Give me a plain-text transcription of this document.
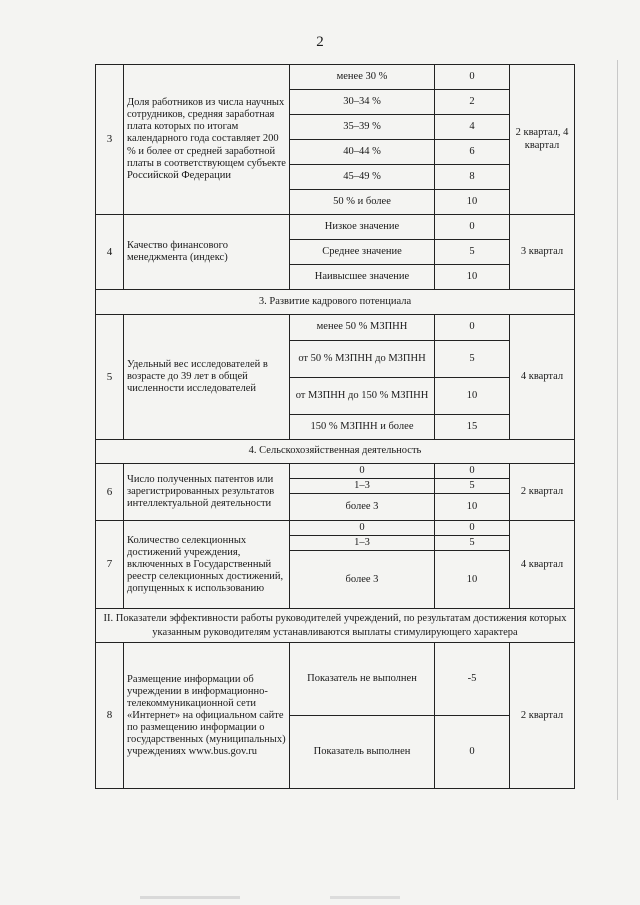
2
3	Доля работников из числа научных сотрудников, средняя заработная плата которых по итогам календарного года составляет 200 % и более от средней заработной платы в соответствующем субъекте Российской Федерации	менее 30 %	0	2 квартал, 4 квартал
		30–34 %	2	
		35–39 %	4	
		40–44 %	6	
		45–49 %	8	
		50 % и более	10	
4	Качество финансового менеджмента (индекс)	Низкое значение	0	3 квартал
		Среднее значение	5	
		Наивысшее значение	10	
3. Развитие кадрового потенциала				
5	Удельный вес исследователей в возрасте до 39 лет в общей численности исследователей	менее 50 % МЗПНН	0	4 квартал
		от 50 % МЗПНН до МЗПНН	5	
		от МЗПНН до 150 % МЗПНН	10	
		150 % МЗПНН и более	15	
4. Сельскохозяйственная деятельность				
6	Число полученных патентов или зарегистрированных результатов интеллектуальной деятельности	0	0	2 квартал
		1–3	5	
		более 3	10	
7	Количество селекционных достижений учреждения, включенных в Государственный реестр селекционных достижений, допущенных к использованию	0	0	4 квартал
		1–3	5	
		более 3	10	
II. Показатели эффективности работы руководителей учреждений, по результатам достижения которых указанным руководителям устанавливаются выплаты стимулирующего характера				
8	Размещение информации об учреждении в информационно-телекоммуникационной сети «Интернет» на официальном сайте по размещению информации о государственных (муниципальных) учреждениях www.bus.gov.ru	Показатель не выполнен	-5	2 квартал
		Показатель выполнен	0	
